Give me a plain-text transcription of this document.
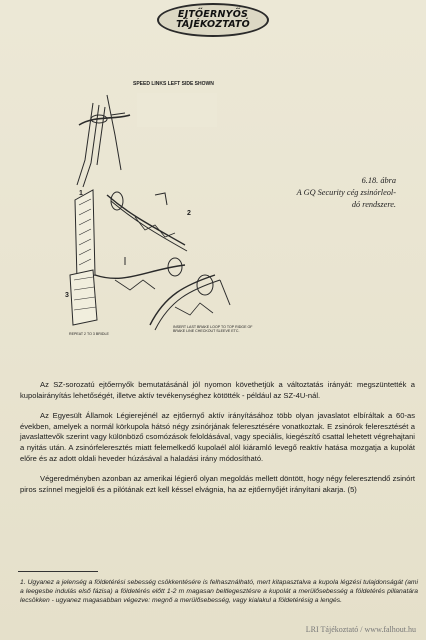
EJTŐERNYŐS
TÁJÉKOZTATÓ
SPEED LINKS LEFT SIDE SHOWN
1
2
3
REPEAT 2 TO 3 BRIDLE
INSERT LAST BRAKE LOOP TO TOP RIDGE OF BRAKE LINE CHECKOUT SLEEVE ETC.
6.18. ábra
A GQ Security cég zsinórleol-
dó rendszere.

Az SZ-sorozatú ejtőernyők bemutatásánál jól nyomon követhetjük a változtatás irányát: megszüntették a kupolairányítás lehetőségét, illetve aktív tevékenységhez kötötték - például az SZ-4U-nál.

Az Egyesült Államok Légierejénél az ejtőernyő aktív irányításához több olyan javaslatot elbíráltak a 60-as években, amelyek a normál körkupola hátsó négy zsinórjának feleresztésére vonatkoztak. E zsinórok feleresztését a javaslattevők szerint vagy különböző csomózások feloldásával, vagy speciális, kiegészítő csattal lehetett végrehajtani a nyitás után. A zsinórfeleresztés miatt felemelkedő kupolaél alól kiáramló levegő reaktív hatása mozgatja a kupolát előre és az adott oldali heveder húzásával a haladási irány módosítható.

Végeredményben azonban az amerikai légierő olyan megoldás mellett döntött, hogy négy feleresztendő zsinórt piros színnel megjelöli és a pilótának ezt kell késsel elvágnia, ha az ejtőernyőjét irányítani akarja. (5)

1. Ugyanez a jelenség a földetérési sebesség csökkentésére is felhasználható, mert kitapasztalva a kupola légzési tulajdonságát (ami a leegesbe indulás első fázisa) a földetérés előtt 1-2 m magasan beltlegesztésre a kupolát a merülősebesség a földetérés pillanatára lecsökken - ugyanez magasabban végezve: megnő a merülősebesség, vagy kialakul a földetérésig a lengés.
LRI Tájékoztató / www.falhout.hu
